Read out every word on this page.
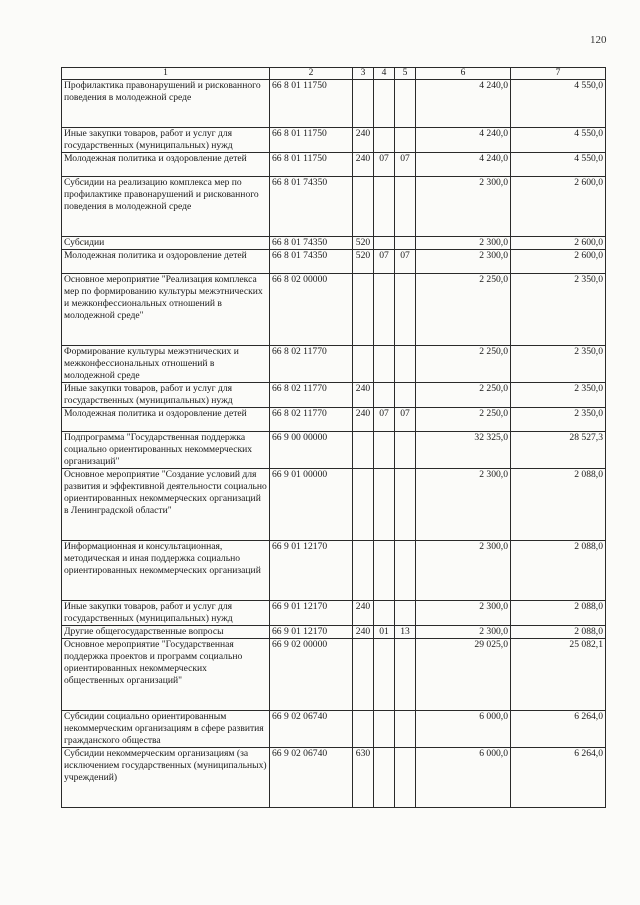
120
1	2	3	4	5	6	7
Профилактика правонарушений и рискованного поведения в молодежной среде	66 8 01 11750				4 240,0	4 550,0
Иные закупки товаров, работ и услуг для государственных (муниципальных) нужд	66 8 01 11750	240			4 240,0	4 550,0
Молодежная политика и оздоровление детей	66 8 01 11750	240	07	07	4 240,0	4 550,0
Субсидии на реализацию комплекса мер по профилактике правонарушений и рискованного поведения в молодежной среде	66 8 01 74350				2 300,0	2 600,0
Субсидии	66 8 01 74350	520			2 300,0	2 600,0
Молодежная политика и оздоровление детей	66 8 01 74350	520	07	07	2 300,0	2 600,0
Основное мероприятие "Реализация комплекса мер по формированию культуры межэтнических и межконфессиональных отношений в молодежной среде"	66 8 02 00000				2 250,0	2 350,0
Формирование культуры межэтнических и межконфессиональных отношений в молодежной среде	66 8 02 11770				2 250,0	2 350,0
Иные закупки товаров, работ и услуг для государственных (муниципальных) нужд	66 8 02 11770	240			2 250,0	2 350,0
Молодежная политика и оздоровление детей	66 8 02 11770	240	07	07	2 250,0	2 350,0
Подпрограмма "Государственная поддержка социально ориентированных некоммерческих организаций"	66 9 00 00000				32 325,0	28 527,3
Основное мероприятие "Создание условий для развития и эффективной деятельности социально ориентированных некоммерческих организаций в Ленинградской области"	66 9 01 00000				2 300,0	2 088,0
Информационная и консультационная, методическая и иная поддержка социально ориентированных некоммерческих организаций	66 9 01 12170				2 300,0	2 088,0
Иные закупки товаров, работ и услуг для государственных (муниципальных) нужд	66 9 01 12170	240			2 300,0	2 088,0
Другие общегосударственные вопросы	66 9 01 12170	240	01	13	2 300,0	2 088,0
Основное мероприятие "Государственная поддержка проектов и программ социально ориентированных некоммерческих общественных организаций"	66 9 02 00000				29 025,0	25 082,1
Субсидии социально ориентированным некоммерческим организациям в сфере развития гражданского общества	66 9 02 06740				6 000,0	6 264,0
Субсидии некоммерческим организациям (за исключением государственных (муниципальных) учреждений)	66 9 02 06740	630			6 000,0	6 264,0
